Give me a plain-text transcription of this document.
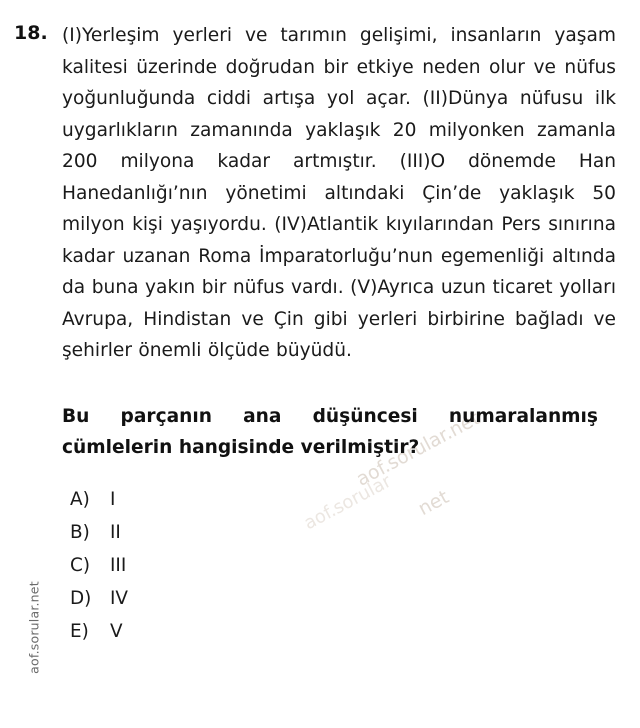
aof.sorular.net
aof.sorular.net
net
aof.sorular
18. (I)Yerleşim yerleri ve tarımın gelişimi, insanların yaşam kalitesi üzerinde doğrudan bir etkiye neden olur ve nüfus yoğunluğunda ciddi artışa yol açar. (II)Dünya nüfusu ilk uygarlıkların zamanında yaklaşık 20 milyonken zamanla 200 milyona kadar artmıştır. (III)O dönemde Han Hanedanlığı’nın yönetimi altındaki Çin’de yaklaşık 50 milyon kişi yaşıyordu. (IV)Atlantik kıyılarından Pers sınırına kadar uzanan Roma İmparatorluğu’nun egemenliği altında da buna yakın bir nüfus vardı. (V)Ayrıca uzun ticaret yolları Avrupa, Hindistan ve Çin gibi yerleri birbirine bağladı ve şehirler önemli ölçüde büyüdü.

Bu parçanın ana düşüncesi numaralanmış cümlelerin hangisinde verilmiştir?

A)	I
B)	II
C)	III
D)	IV
E)	V
